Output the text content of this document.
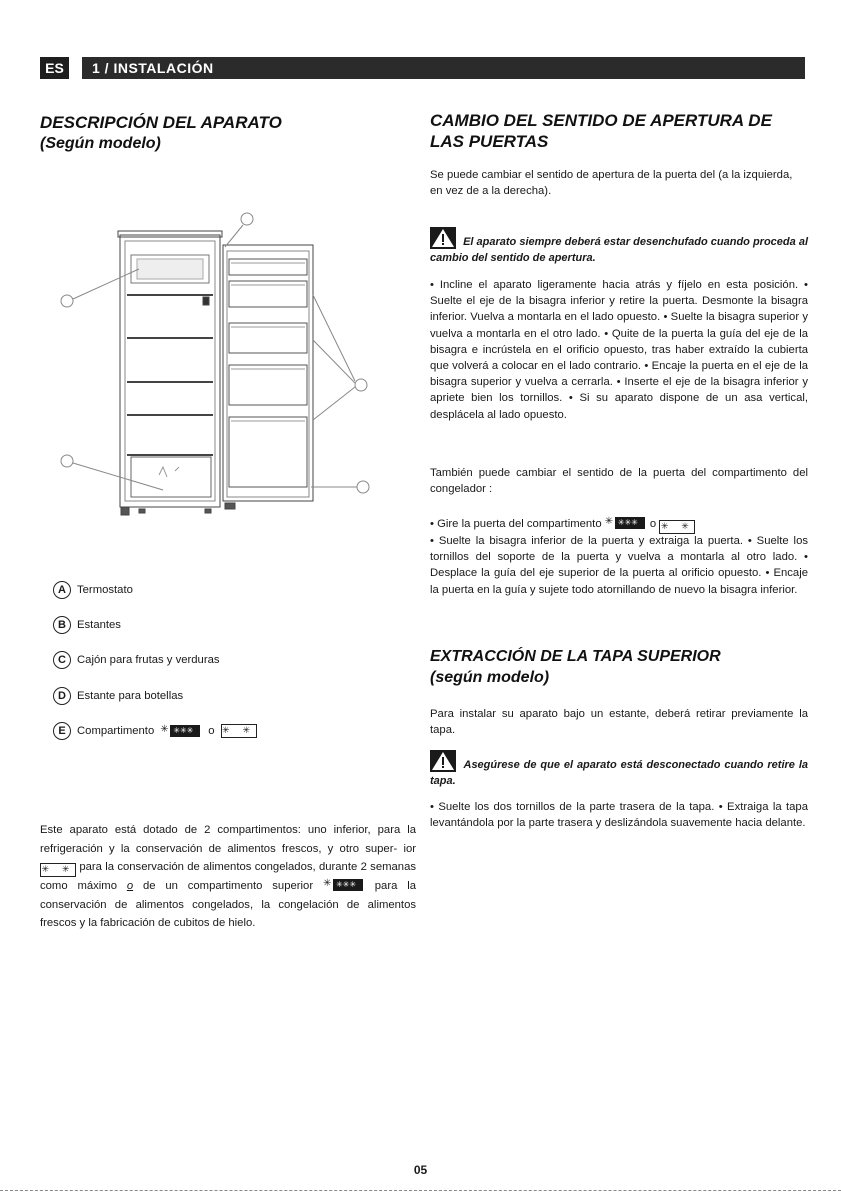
ES	1 / INSTALACIÓN
DESCRIPCIÓN DEL APARATO
(Según modelo)
A Termostato
B Estantes
C Cajón para frutas y verduras
D Estante para botellas
E	Compartimento ✳ ✳✳✳ o ✳ ✳
Este aparato está dotado de 2 compartimentos: uno inferior, para la refrigeración y la conservación de alimentos frescos, y otro super- ior ✳ ✳ para la conservación de alimentos congelados, durante 2 semanas como máximo o de un compartimento superior ✳ ✳✳✳ para la conservación de alimentos congelados, la congelación de alimentos frescos y la fabricación de cubitos de hielo.
CAMBIO DEL SENTIDO DE APERTURA DE LAS PUERTAS
Se puede cambiar el sentido de apertura de la puerta del (a la izquierda, en vez de a la derecha).
El aparato siempre deberá estar desenchufado cuando proceda al cambio del sentido de apertura.
• Incline el aparato ligeramente hacia atrás y fíjelo en esta posición. • Suelte el eje de la bisagra inferior y retire la puerta. Desmonte la bisagra inferior. Vuelva a montarla en el lado opuesto. • Suelte la bisagra superior y vuelva a montarla en el otro lado. • Quite de la puerta la guía del eje de la bisagra e incrústela en el orificio opuesto, tras haber extraído la cubierta que volverá a colocar en el lado contrario. • Encaje la puerta en el eje de la bisagra superior y vuelva a cerrarla. • Inserte el eje de la bisagra inferior y apriete bien los tornillos. • Si su aparato dispone de un asa vertical, desplácela al lado opuesto.
También puede cambiar el sentido de la puerta del compartimento del congelador :
• Gire la puerta del compartimento ✳ ✳✳✳ o ✳ ✳
• Suelte la bisagra inferior de la puerta y extraiga la puerta. • Suelte los tornillos del soporte de la puerta y vuelva a montarla al otro lado. • Desplace la guía del eje superior de la puerta al orificio opuesto. • Encaje la puerta en la guía y sujete todo atornillando de nuevo la bisagra inferior.
EXTRACCIÓN DE LA TAPA SUPERIOR
(según modelo)
Para instalar su aparato bajo un estante, deberá retirar previamente la tapa.
Asegúrese de que el aparato está desconectado cuando retire la tapa.
• Suelte los dos tornillos de la parte trasera de la tapa. • Extraiga la tapa levantándola por la parte trasera y deslizándola suavemente hacia delante.
05
